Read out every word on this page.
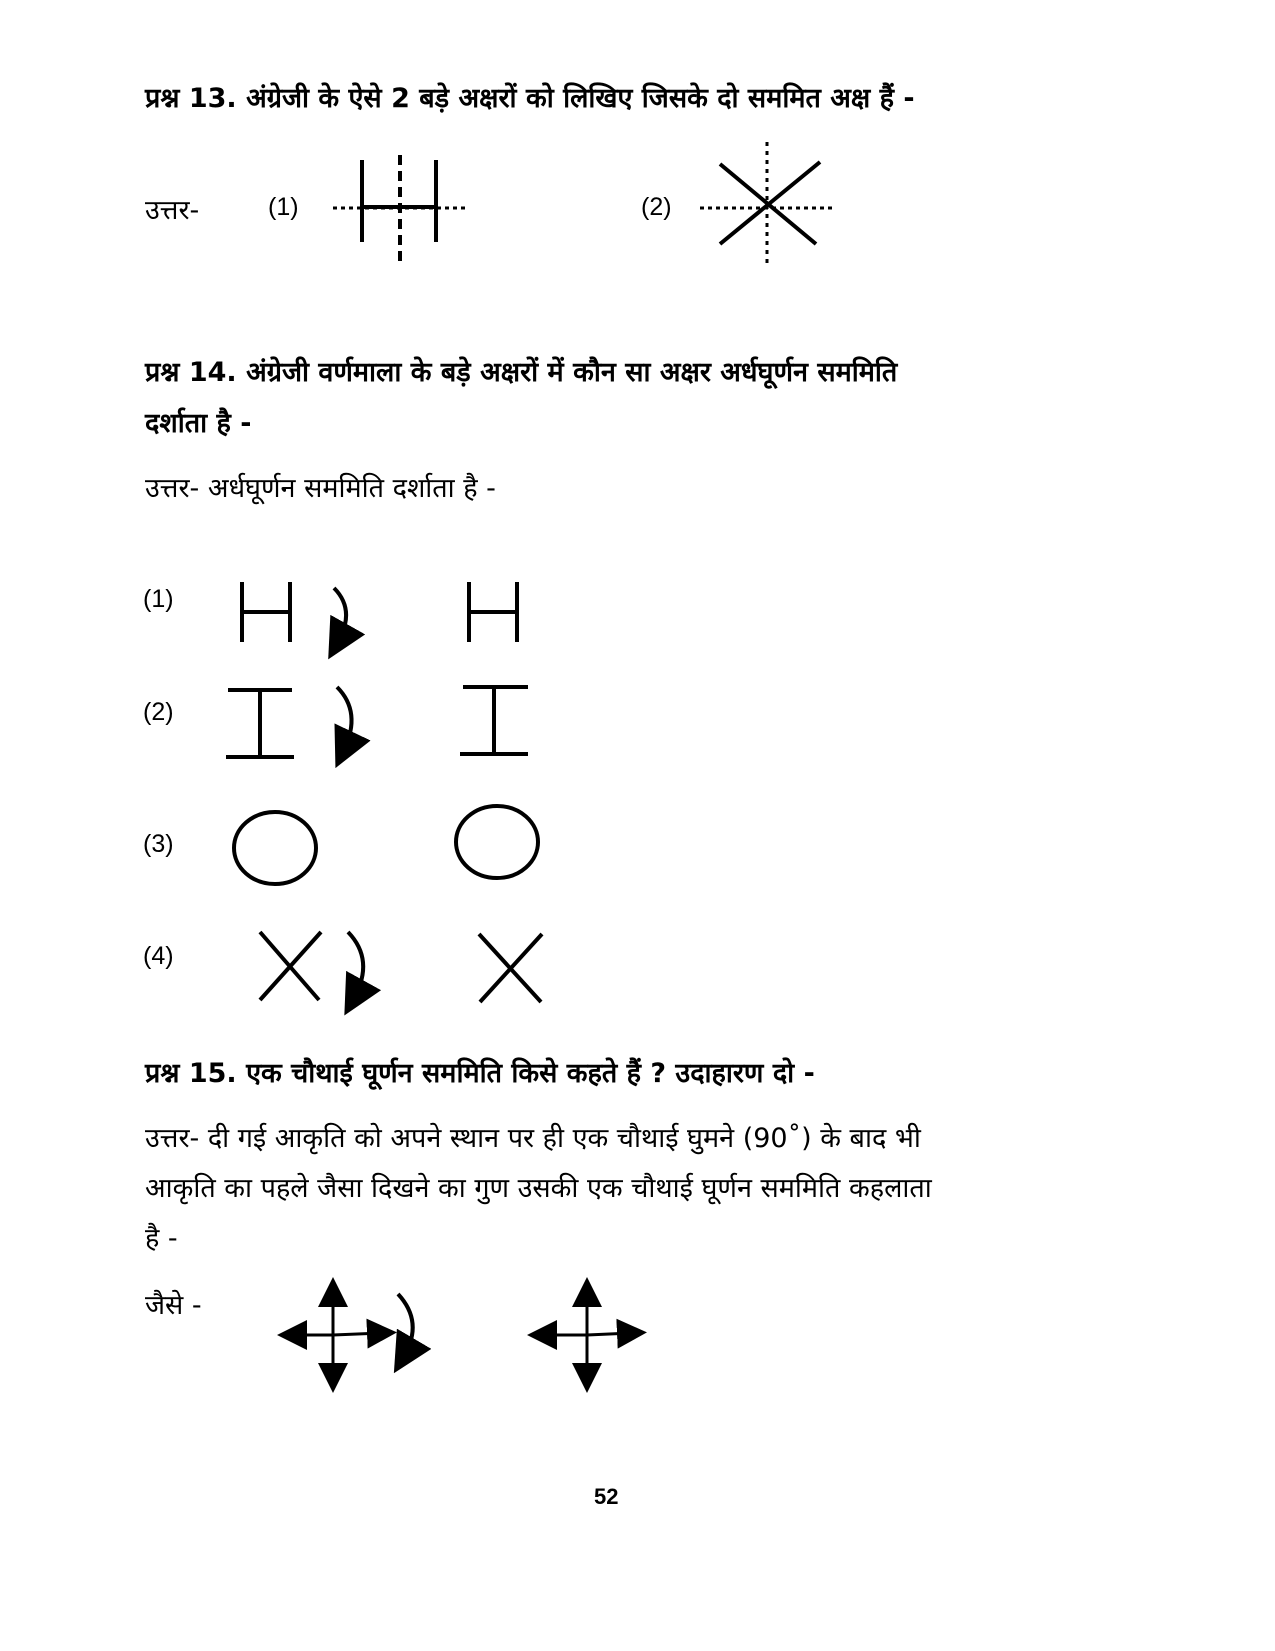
प्रश्न 13. अंग्रेजी के ऐसे 2 बड़े अक्षरों को लिखिए जिसके दो सममित अक्ष हैं -
उत्तर-	(1)	(2)
प्रश्न 14. अंग्रेजी वर्णमाला के बड़े अक्षरों में कौन सा अक्षर अर्धघूर्णन सममिति
दर्शाता है -
उत्तर- अर्धघूर्णन सममिति दर्शाता है -
(1)
(2)
(3)
(4)
प्रश्न 15. एक चौथाई घूर्णन सममिति किसे कहते हैं ? उदाहारण दो -
उत्तर- दी गई आकृति को अपने स्थान पर ही एक चौथाई घुमने (90˚) के बाद भी
आकृति का पहले जैसा दिखने का गुण उसकी एक चौथाई घूर्णन सममिति कहलाता
है -
जैसे -
52
